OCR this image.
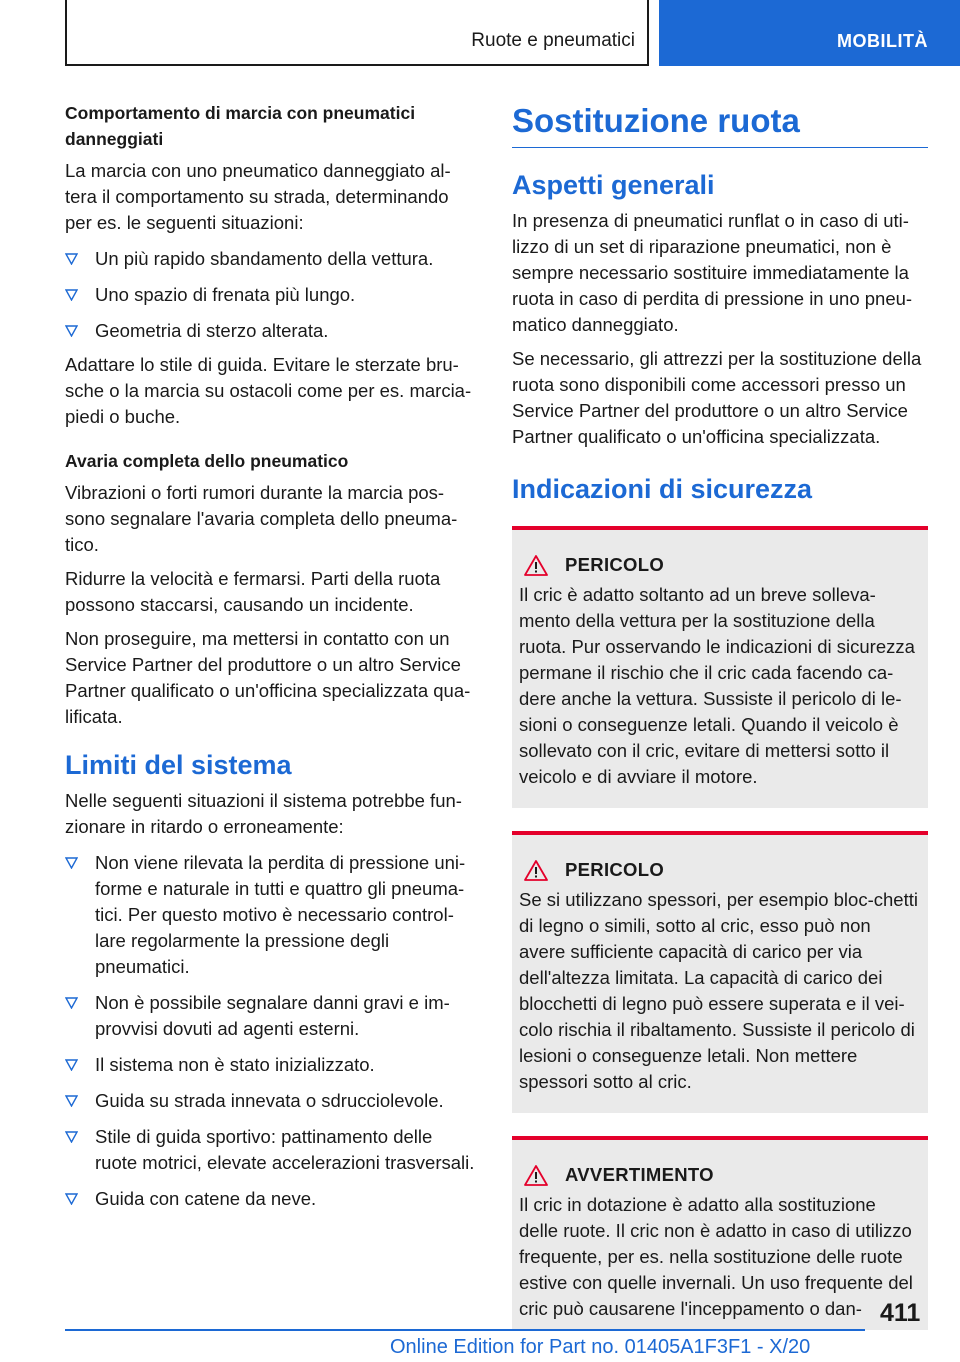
Ruote e pneumatici	MOBILITÀ
Comportamento di marcia con pneumatici danneggiati

La marcia con uno pneumatico danneggiato al-tera il comportamento su strada, determinando per es. le seguenti situazioni:

Un più rapido sbandamento della vettura.
Uno spazio di frenata più lungo.
Geometria di sterzo alterata.

Adattare lo stile di guida. Evitare le sterzate bru-sche o la marcia su ostacoli come per es. marcia-piedi o buche.

Avaria completa dello pneumatico

Vibrazioni o forti rumori durante la marcia pos-sono segnalare l'avaria completa dello pneuma-tico.

Ridurre la velocità e fermarsi. Parti della ruota possono staccarsi, causando un incidente.

Non proseguire, ma mettersi in contatto con un Service Partner del produttore o un altro Service Partner qualificato o un'officina specializzata qua-lificata.

Limiti del sistema

Nelle seguenti situazioni il sistema potrebbe fun-zionare in ritardo o erroneamente:

Non viene rilevata la perdita di pressione uni-forme e naturale in tutti e quattro gli pneuma-tici. Per questo motivo è necessario control-lare regolarmente la pressione degli pneumatici.
Non è possibile segnalare danni gravi e im-provvisi dovuti ad agenti esterni.
Il sistema non è stato inizializzato.
Guida su strada innevata o sdrucciolevole.
Stile di guida sportivo: pattinamento delle ruote motrici, elevate accelerazioni trasversali.
Guida con catene da neve.
Sostituzione ruota
Aspetti generali

In presenza di pneumatici runflat o in caso di uti-lizzo di un set di riparazione pneumatici, non è sempre necessario sostituire immediatamente la ruota in caso di perdita di pressione in uno pneu-matico danneggiato.

Se necessario, gli attrezzi per la sostituzione della ruota sono disponibili come accessori presso un Service Partner del produttore o un altro Service Partner qualificato o un'officina specializzata.

Indicazioni di sicurezza
PERICOLO

Il cric è adatto soltanto ad un breve solleva-mento della vettura per la sostituzione della ruota. Pur osservando le indicazioni di sicurezza permane il rischio che il cric cada facendo ca-dere anche la vettura. Sussiste il pericolo di le-sioni o conseguenze letali. Quando il veicolo è sollevato con il cric, evitare di mettersi sotto il veicolo e di avviare il motore.

PERICOLO

Se si utilizzano spessori, per esempio bloc-chetti di legno o simili, sotto al cric, esso può non avere sufficiente capacità di carico per via dell'altezza limitata. La capacità di carico dei blocchetti di legno può essere superata e il vei-colo rischia il ribaltamento. Sussiste il pericolo di lesioni o conseguenze letali. Non mettere spessori sotto al cric.

AVVERTIMENTO

Il cric in dotazione è adatto alla sostituzione delle ruote. Il cric non è adatto in caso di utilizzo frequente, per es. nella sostituzione delle ruote estive con quelle invernali. Un uso frequente del cric può causarene l'inceppamento o dan- 411
Online Edition for Part no. 01405A1F3F1 - X/20
